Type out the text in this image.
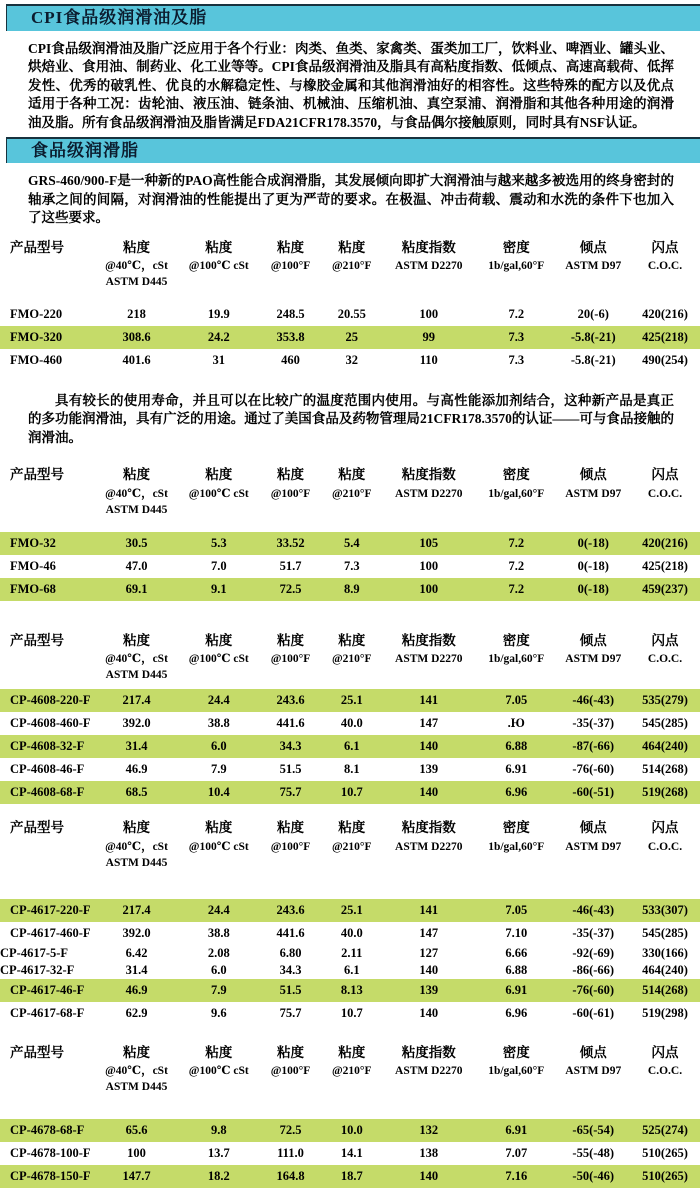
CPI食品级润滑油及脂

CPI食品级润滑油及脂广泛应用于各个行业：肉类、鱼类、家禽类、蛋类加工厂，饮料业、啤酒业、罐头业、烘焙业、食用油、制药业、化工业等等。CPI食品级润滑油及脂具有高粘度指数、低倾点、高速高载荷、低挥发性、优秀的破乳性、优良的水解稳定性、与橡胶金属和其他润滑油好的相容性。这些特殊的配方以及优点适用于各种工况：齿轮油、液压油、链条油、机械油、压缩机油、真空泵浦、润滑脂和其他各种用途的润滑油及脂。所有食品级润滑油及脂皆满足FDA21CFR178.3570，与食品偶尔接触原则，同时具有NSF认证。

食品级润滑脂

GRS-460/900-F是一种新的PAO高性能合成润滑脂，其发展倾向即扩大润滑油与越来越多被选用的终身密封的轴承之间的间隔，对润滑油的性能提出了更为严苛的要求。在极温、冲击荷载、震动和水洗的条件下也加入了这些要求。

产品型号	粘度	粘度	粘度	粘度	粘度指数	密度	倾点	闪点
	@40℃，cSt	@100℃ cSt	@100°F	@210°F	ASTM D2270	1b/gal,60°F	ASTM D97	C.O.C.
	ASTM D445							
FMO-220	218	19.9	248.5	20.55	100	7.2	20(-6)	420(216)
FMO-320	308.6	24.2	353.8	25	99	7.3	-5.8(-21)	425(218)
FMO-460	401.6	31	460	32	110	7.3	-5.8(-21)	490(254)

具有较长的使用寿命，并且可以在比较广的温度范围内使用。与高性能添加剂结合，这种新产品是真正的多功能润滑油，具有广泛的用途。通过了美国食品及药物管理局21CFR178.3570的认证——可与食品接触的润滑油。

产品型号	粘度	粘度	粘度	粘度	粘度指数	密度	倾点	闪点
	@40℃，cSt	@100℃ cSt	@100°F	@210°F	ASTM D2270	1b/gal,60°F	ASTM D97	C.O.C.
	ASTM D445							
FMO-32	30.5	5.3	33.52	5.4	105	7.2	0(-18)	420(216)
FMO-46	47.0	7.0	51.7	7.3	100	7.2	0(-18)	425(218)
FMO-68	69.1	9.1	72.5	8.9	100	7.2	0(-18)	459(237)
产品型号	粘度	粘度	粘度	粘度	粘度指数	密度	倾点	闪点
	@40℃，cSt	@100℃ cSt	@100°F	@210°F	ASTM D2270	1b/gal,60°F	ASTM D97	C.O.C.
	ASTM D445							
CP-4608-220-F	217.4	24.4	243.6	25.1	141	7.05	-46(-43)	535(279)
CP-4608-460-F	392.0	38.8	441.6	40.0	147	.Ю	-35(-37)	545(285)
CP-4608-32-F	31.4	6.0	34.3	6.1	140	6.88	-87(-66)	464(240)
CP-4608-46-F	46.9	7.9	51.5	8.1	139	6.91	-76(-60)	514(268)
CP-4608-68-F	68.5	10.4	75.7	10.7	140	6.96	-60(-51)	519(268)
产品型号	粘度	粘度	粘度	粘度	粘度指数	密度	倾点	闪点
	@40℃，cSt	@100℃ cSt	@100°F	@210°F	ASTM D2270	1b/gal,60°F	ASTM D97	C.O.C.
	ASTM D445							
CP-4617-220-F	217.4	24.4	243.6	25.1	141	7.05	-46(-43)	533(307)
CP-4617-460-F	392.0	38.8	441.6	40.0	147	7.10	-35(-37)	545(285)
CP-4617-5-F	6.42	2.08	6.80	2.11	127	6.66	-92(-69)	330(166)
CP-4617-32-F	31.4	6.0	34.3	6.1	140	6.88	-86(-66)	464(240)
CP-4617-46-F	46.9	7.9	51.5	8.13	139	6.91	-76(-60)	514(268)
CP-4617-68-F	62.9	9.6	75.7	10.7	140	6.96	-60(-61)	519(298)
产品型号	粘度	粘度	粘度	粘度	粘度指数	密度	倾点	闪点
	@40℃，cSt	@100℃ cSt	@100°F	@210°F	ASTM D2270	1b/gal,60°F	ASTM D97	C.O.C.
	ASTM D445							
CP-4678-68-F	65.6	9.8	72.5	10.0	132	6.91	-65(-54)	525(274)
CP-4678-100-F	100	13.7	111.0	14.1	138	7.07	-55(-48)	510(265)
CP-4678-150-F	147.7	18.2	164.8	18.7	140	7.16	-50(-46)	510(265)
